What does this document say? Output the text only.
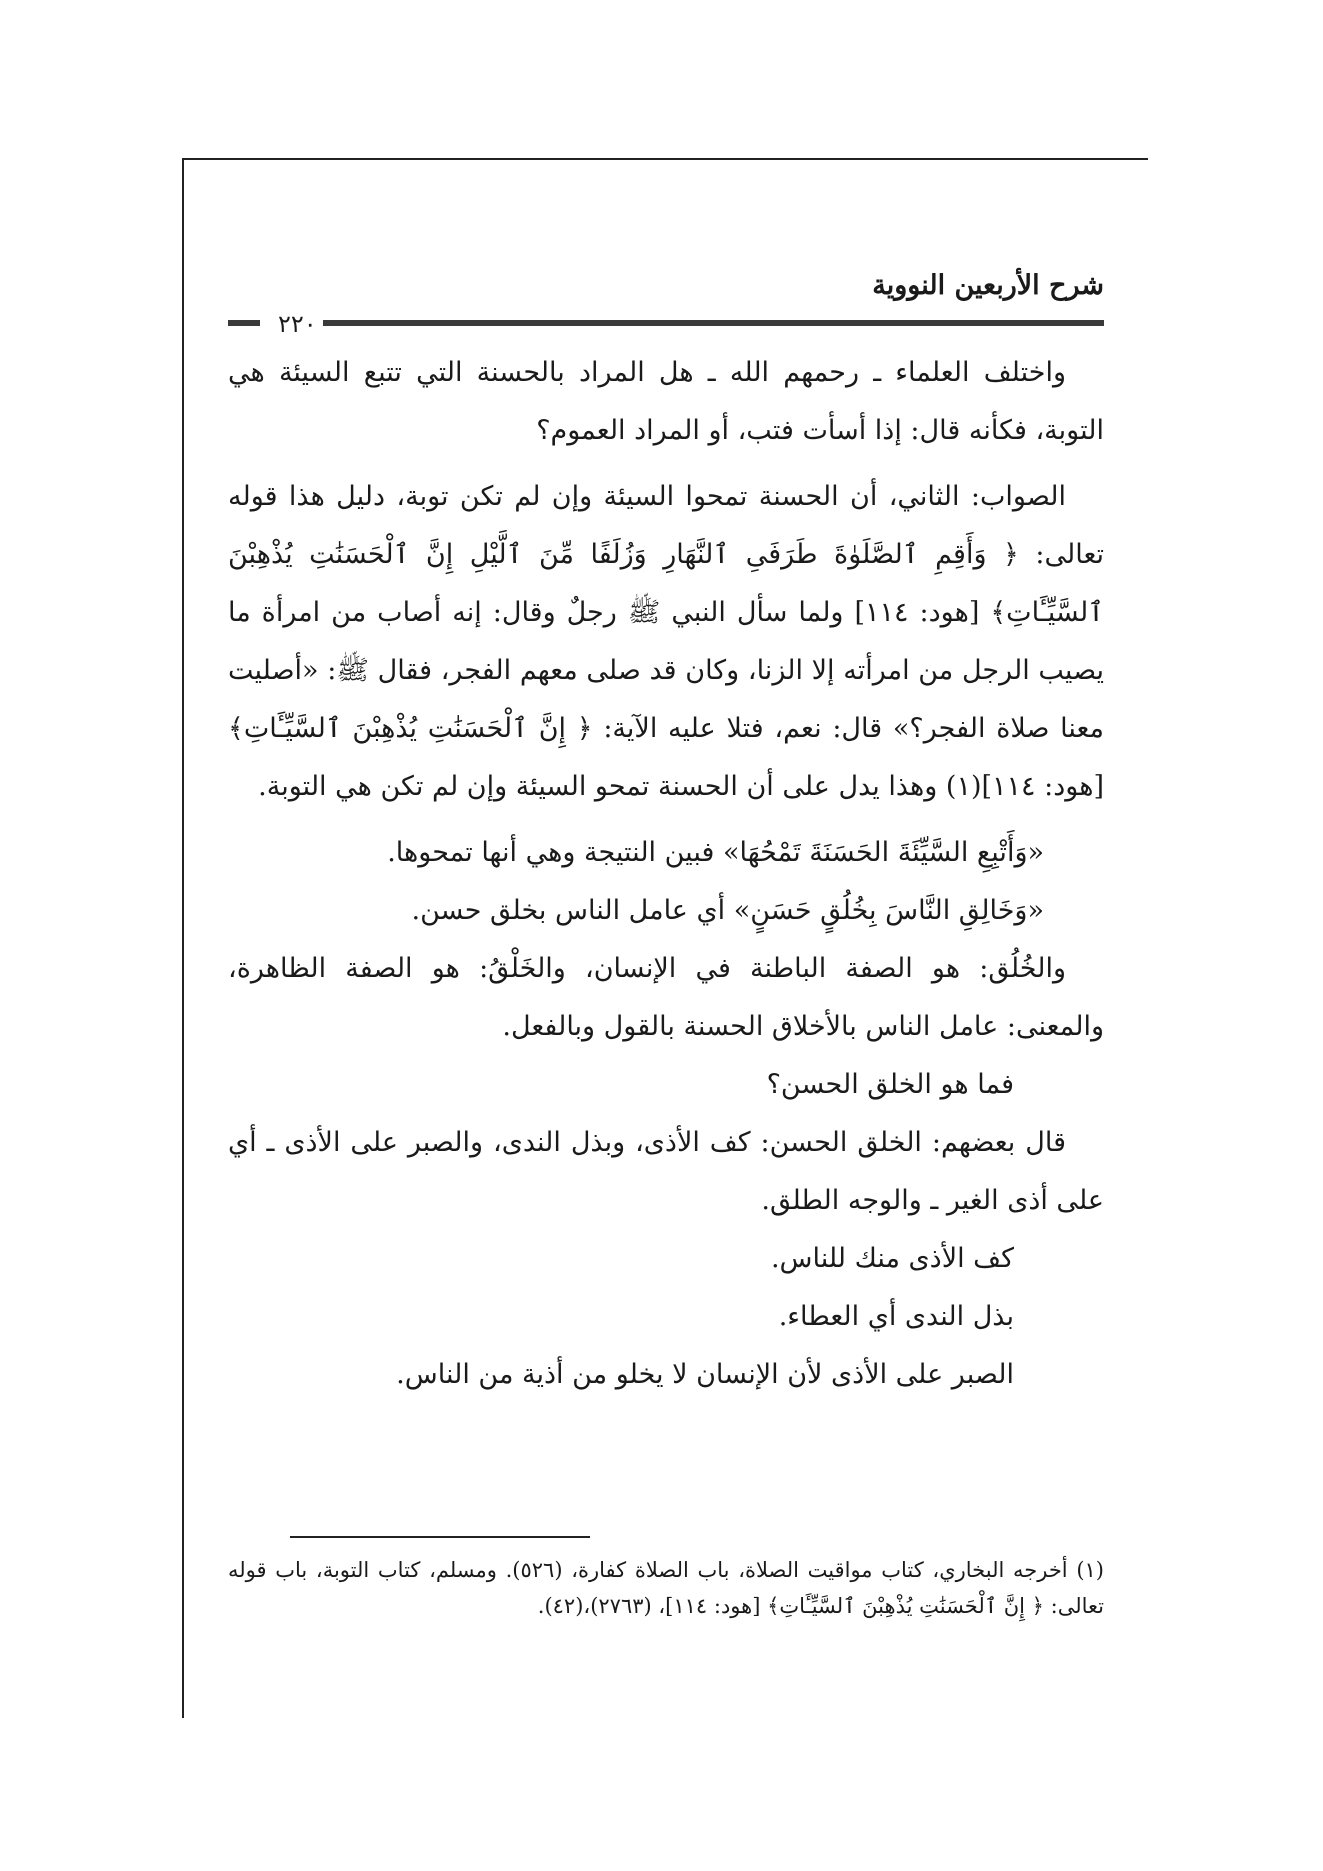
شرح الأربعين النووية
٢٢٠

واختلف العلماء ـ رحمهم الله ـ هل المراد بالحسنة التي تتبع السيئة هي التوبة، فكأنه قال: إذا أسأت فتب، أو المراد العموم؟

الصواب: الثاني، أن الحسنة تمحوا السيئة وإن لم تكن توبة، دليل هذا قوله تعالى: ﴿ وَأَقِمِ ٱلصَّلَوٰةَ طَرَفَىِ ٱلنَّهَارِ وَزُلَفًا مِّنَ ٱلَّيْلِ إِنَّ ٱلْحَسَنَٰتِ يُذْهِبْنَ ٱلسَّيِّـَٔاتِ﴾ [هود: ١١٤] ولما سأل النبي ﷺ رجلٌ وقال: إنه أصاب من امرأة ما يصيب الرجل من امرأته إلا الزنا، وكان قد صلى معهم الفجر، فقال ﷺ: «أصليت معنا صلاة الفجر؟» قال: نعم، فتلا عليه الآية: ﴿ إِنَّ ٱلْحَسَنَٰتِ يُذْهِبْنَ ٱلسَّيِّـَٔاتِ﴾ [هود: ١١٤](١) وهذا يدل على أن الحسنة تمحو السيئة وإن لم تكن هي التوبة.

«وَأَتْبِعِ السَّيِّئَةَ الحَسَنَةَ تَمْحُهَا» فبين النتيجة وهي أنها تمحوها.

«وَخَالِقِ النَّاسَ بِخُلُقٍ حَسَنٍ» أي عامل الناس بخلق حسن.

والخُلُق: هو الصفة الباطنة في الإنسان، والخَلْقُ: هو الصفة الظاهرة، والمعنى: عامل الناس بالأخلاق الحسنة بالقول وبالفعل.

فما هو الخلق الحسن؟

قال بعضهم: الخلق الحسن: كف الأذى، وبذل الندى، والصبر على الأذى ـ أي على أذى الغير ـ والوجه الطلق.

كف الأذى منك للناس.

بذل الندى أي العطاء.

الصبر على الأذى لأن الإنسان لا يخلو من أذية من الناس.

(١) أخرجه البخاري، كتاب مواقيت الصلاة، باب الصلاة كفارة، (٥٢٦). ومسلم، كتاب التوبة، باب قوله تعالى: ﴿ إِنَّ ٱلْحَسَنَٰتِ يُذْهِبْنَ ٱلسَّيِّـَٔاتِ﴾ [هود: ١١٤]، (٢٧٦٣)،(٤٢).
